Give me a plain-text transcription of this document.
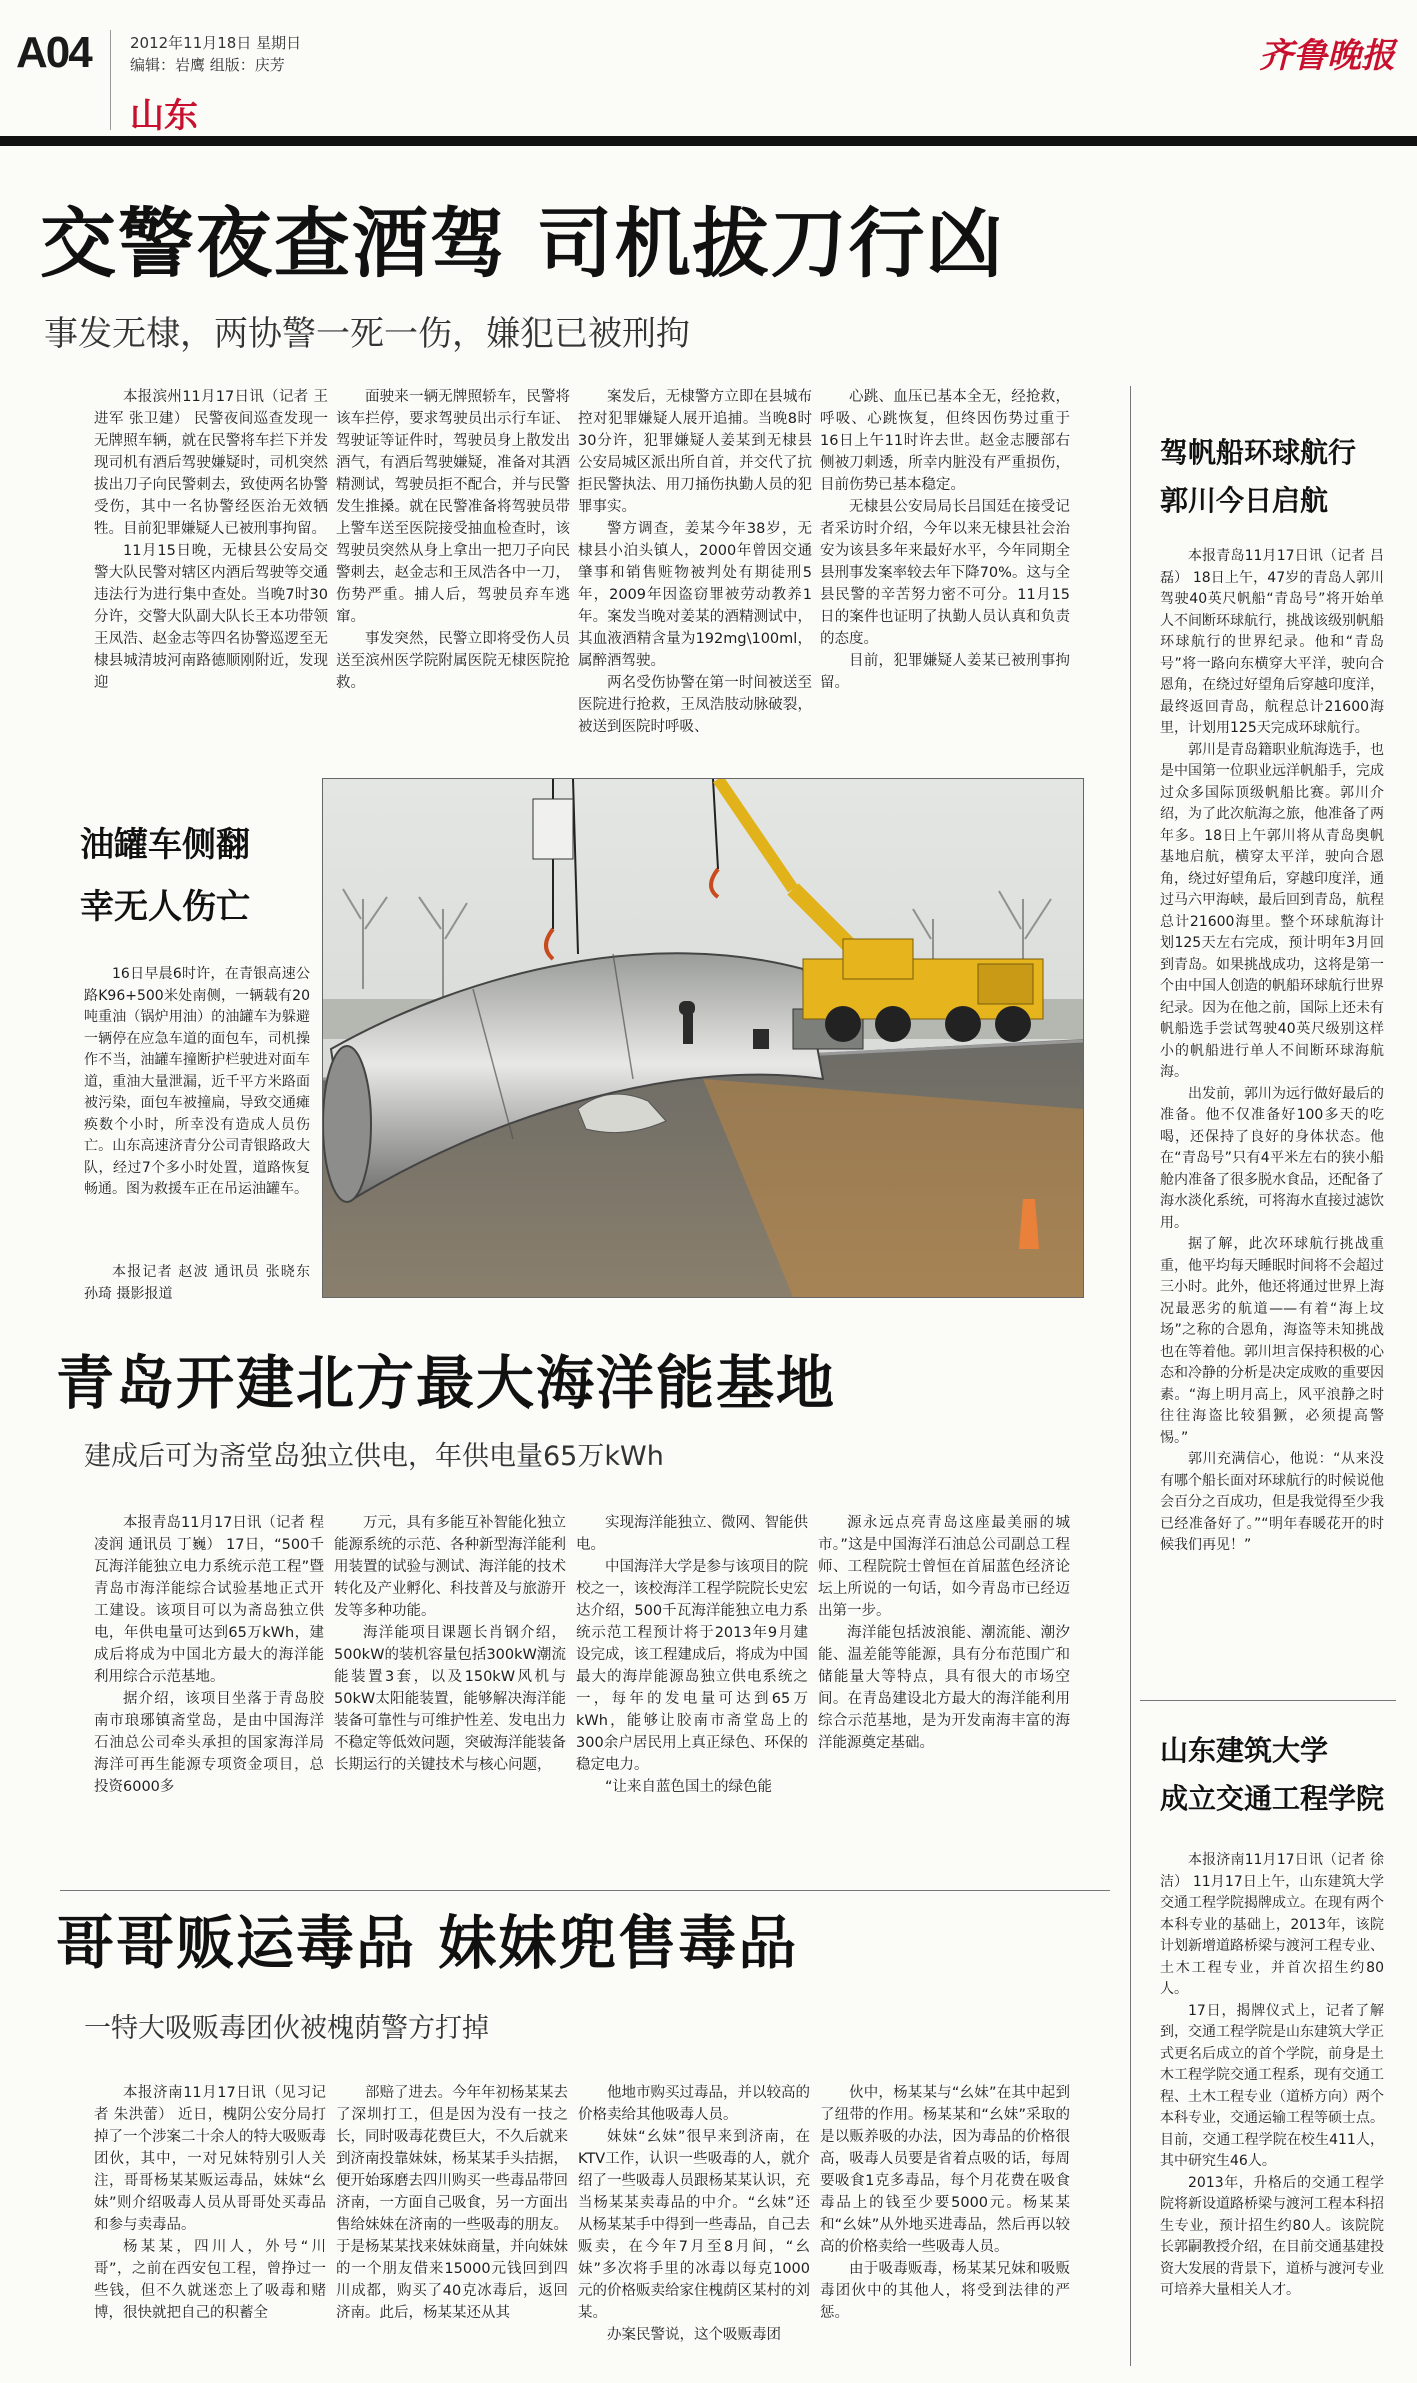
A04	2012年11月18日 星期日
编辑：岩鹰 组版：庆芳
山东
齐鲁晚报
交警夜查酒驾 司机拔刀行凶
事发无棣，两协警一死一伤，嫌犯已被刑拘

本报滨州11月17日讯（记者 王进军 张卫建） 民警夜间巡查发现一无牌照车辆，就在民警将车拦下并发现司机有酒后驾驶嫌疑时，司机突然拔出刀子向民警刺去，致使两名协警受伤，其中一名协警经医治无效牺牲。目前犯罪嫌疑人已被刑事拘留。

11月15日晚，无棣县公安局交警大队民警对辖区内酒后驾驶等交通违法行为进行集中查处。当晚7时30分许，交警大队副大队长王本功带领王凤浩、赵金志等四名协警巡逻至无棣县城清坡河南路德顺刚附近，发现迎

面驶来一辆无牌照轿车，民警将该车拦停，要求驾驶员出示行车证、驾驶证等证件时，驾驶员身上散发出酒气，有酒后驾驶嫌疑，准备对其酒精测试，驾驶员拒不配合，并与民警发生推搡。就在民警准备将驾驶员带上警车送至医院接受抽血检查时，该驾驶员突然从身上拿出一把刀子向民警刺去，赵金志和王凤浩各中一刀，伤势严重。捕人后，驾驶员弃车逃窜。

事发突然，民警立即将受伤人员送至滨州医学院附属医院无棣医院抢救。

案发后，无棣警方立即在县城布控对犯罪嫌疑人展开追捕。当晚8时30分许，犯罪嫌疑人姜某到无棣县公安局城区派出所自首，并交代了抗拒民警执法、用刀捅伤执勤人员的犯罪事实。

警方调查，姜某今年38岁，无棣县小泊头镇人，2000年曾因交通肇事和销售赃物被判处有期徒刑5年，2009年因盗窃罪被劳动教养1年。案发当晚对姜某的酒精测试中，其血液酒精含量为192mg\100ml，属醉酒驾驶。

两名受伤协警在第一时间被送至医院进行抢救，王凤浩肢动脉破裂，被送到医院时呼吸、

心跳、血压已基本全无，经抢救，呼吸、心跳恢复，但终因伤势过重于16日上午11时许去世。赵金志腰部右侧被刀刺透，所幸内脏没有严重损伤，目前伤势已基本稳定。

无棣县公安局局长吕国廷在接受记者采访时介绍，今年以来无棣县社会治安为该县多年来最好水平，今年同期全县刑事发案率较去年下降70%。这与全县民警的辛苦努力密不可分。11月15日的案件也证明了执勤人员认真和负责的态度。

目前，犯罪嫌疑人姜某已被刑事拘留。

油罐车侧翻
幸无人伤亡

16日早晨6时许，在青银高速公路K96+500米处南侧，一辆载有20吨重油（锅炉用油）的油罐车为躲避一辆停在应急车道的面包车，司机操作不当，油罐车撞断护栏驶进对面车道，重油大量泄漏，近千平方米路面被污染，面包车被撞扁，导致交通瘫痪数个小时，所幸没有造成人员伤亡。山东高速济青分公司青银路政大队，经过7个多小时处置，道路恢复畅通。图为救援车正在吊运油罐车。

本报记者 赵波 通讯员 张晓东 孙琦 摄影报道

青岛开建北方最大海洋能基地
建成后可为斋堂岛独立供电，年供电量65万kWh

本报青岛11月17日讯（记者 程凌润 通讯员 丁巍） 17日，“500千瓦海洋能独立电力系统示范工程”暨青岛市海洋能综合试验基地正式开工建设。该项目可以为斋岛独立供电，年供电量可达到65万kWh，建成后将成为中国北方最大的海洋能利用综合示范基地。

据介绍，该项目坐落于青岛胶南市琅琊镇斋堂岛，是由中国海洋石油总公司牵头承担的国家海洋局海洋可再生能源专项资金项目，总投资6000多

万元，具有多能互补智能化独立能源系统的示范、各种新型海洋能利用装置的试验与测试、海洋能的技术转化及产业孵化、科技普及与旅游开发等多种功能。

海洋能项目课题长肖钢介绍，500kW的装机容量包括300kW潮流能装置3套，以及150kW风机与50kW太阳能装置，能够解决海洋能装备可靠性与可维护性差、发电出力不稳定等低效问题，突破海洋能装备长期运行的关键技术与核心问题，

实现海洋能独立、微网、智能供电。

中国海洋大学是参与该项目的院校之一，该校海洋工程学院院长史宏达介绍，500千瓦海洋能独立电力系统示范工程预计将于2013年9月建设完成，该工程建成后，将成为中国最大的海岸能源岛独立供电系统之一，每年的发电量可达到65万kWh，能够让胶南市斋堂岛上的300余户居民用上真正绿色、环保的稳定电力。

“让来自蓝色国土的绿色能

源永远点亮青岛这座最美丽的城市。”这是中国海洋石油总公司副总工程师、工程院院士曾恒在首届蓝色经济论坛上所说的一句话，如今青岛市已经迈出第一步。

海洋能包括波浪能、潮流能、潮汐能、温差能等能源，具有分布范围广和储能量大等特点，具有很大的市场空间。在青岛建设北方最大的海洋能利用综合示范基地，是为开发南海丰富的海洋能源奠定基础。

哥哥贩运毒品 妹妹兜售毒品
一特大吸贩毒团伙被槐荫警方打掉

本报济南11月17日讯（见习记者 朱洪蕾） 近日，槐阴公安分局打掉了一个涉案二十余人的特大吸贩毒团伙，其中，一对兄妹特别引人关注，哥哥杨某某贩运毒品，妹妹“幺妹”则介绍吸毒人员从哥哥处买毒品和参与卖毒品。

杨某某，四川人，外号“川哥”，之前在西安包工程，曾挣过一些钱，但不久就迷恋上了吸毒和赌博，很快就把自己的积蓄全

部赔了进去。今年年初杨某某去了深圳打工，但是因为没有一技之长，同时吸毒花费巨大，不久后就来到济南投靠妹妹，杨某某手头拮据，便开始琢磨去四川购买一些毒品带回济南，一方面自己吸食，另一方面出售给妹妹在济南的一些吸毒的朋友。于是杨某某找来妹妹商量，并向妹妹的一个朋友借来15000元钱回到四川成都，购买了40克冰毒后，返回济南。此后，杨某某还从其

他地市购买过毒品，并以较高的价格卖给其他吸毒人员。

妹妹“幺妹”很早来到济南，在KTV工作，认识一些吸毒的人，就介绍了一些吸毒人员跟杨某某认识，充当杨某某卖毒品的中介。“幺妹”还从杨某某手中得到一些毒品，自己去贩卖，在今年7月至8月间，“幺妹”多次将手里的冰毒以每克1000元的价格贩卖给家住槐荫区某村的刘某。

办案民警说，这个吸贩毒团

伙中，杨某某与“幺妹”在其中起到了纽带的作用。杨某某和“幺妹”采取的是以贩养吸的办法，因为毒品的价格很高，吸毒人员要是省着点吸的话，每周要吸食1克多毒品，每个月花费在吸食毒品上的钱至少要5000元。杨某某和“幺妹”从外地买进毒品，然后再以较高的价格卖给一些吸毒人员。

由于吸毒贩毒，杨某某兄妹和吸贩毒团伙中的其他人，将受到法律的严惩。

驾帆船环球航行
郭川今日启航

本报青岛11月17日讯（记者 吕磊） 18日上午，47岁的青岛人郭川驾驶40英尺帆船“青岛号”将开始单人不间断环球航行，挑战该级别帆船环球航行的世界纪录。他和“青岛号”将一路向东横穿大平洋，驶向合恩角，在绕过好望角后穿越印度洋，最终返回青岛，航程总计21600海里，计划用125天完成环球航行。

郭川是青岛籍职业航海选手，也是中国第一位职业远洋帆船手，完成过众多国际顶级帆船比赛。郭川介绍，为了此次航海之旅，他准备了两年多。18日上午郭川将从青岛奥帆基地启航，横穿太平洋，驶向合恩角，绕过好望角后，穿越印度洋，通过马六甲海峡，最后回到青岛，航程总计21600海里。整个环球航海计划125天左右完成，预计明年3月回到青岛。如果挑战成功，这将是第一个由中国人创造的帆船环球航行世界纪录。因为在他之前，国际上还未有帆船选手尝试驾驶40英尺级别这样小的帆船进行单人不间断环球海航海。

出发前，郭川为远行做好最后的准备。他不仅准备好100多天的吃喝，还保持了良好的身体状态。他在“青岛号”只有4平米左右的狭小船舱内准备了很多脱水食品，还配备了海水淡化系统，可将海水直接过滤饮用。

据了解，此次环球航行挑战重重，他平均每天睡眠时间将不会超过三小时。此外，他还将通过世界上海况最恶劣的航道——有着“海上坟场”之称的合恩角，海盗等未知挑战也在等着他。郭川坦言保持积极的心态和冷静的分析是决定成败的重要因素。“海上明月高上，风平浪静之时往往海盗比较猖獗，必须提高警惕。”

郭川充满信心，他说：“从来没有哪个船长面对环球航行的时候说他会百分之百成功，但是我觉得至少我已经准备好了。”“明年春暖花开的时候我们再见！”

山东建筑大学
成立交通工程学院

本报济南11月17日讯（记者 徐洁） 11月17日上午，山东建筑大学交通工程学院揭牌成立。在现有两个本科专业的基础上，2013年，该院计划新增道路桥梁与渡河工程专业、土木工程专业，并首次招生约80人。

17日，揭牌仪式上，记者了解到，交通工程学院是山东建筑大学正式更名后成立的首个学院，前身是土木工程学院交通工程系，现有交通工程、土木工程专业（道桥方向）两个本科专业，交通运输工程等硕士点。目前，交通工程学院在校生411人，其中研究生46人。

2013年，升格后的交通工程学院将新设道路桥梁与渡河工程本科招生专业，预计招生约80人。该院院长郭嗣教授介绍，在目前交通基建投资大发展的背景下，道桥与渡河专业可培养大量相关人才。
